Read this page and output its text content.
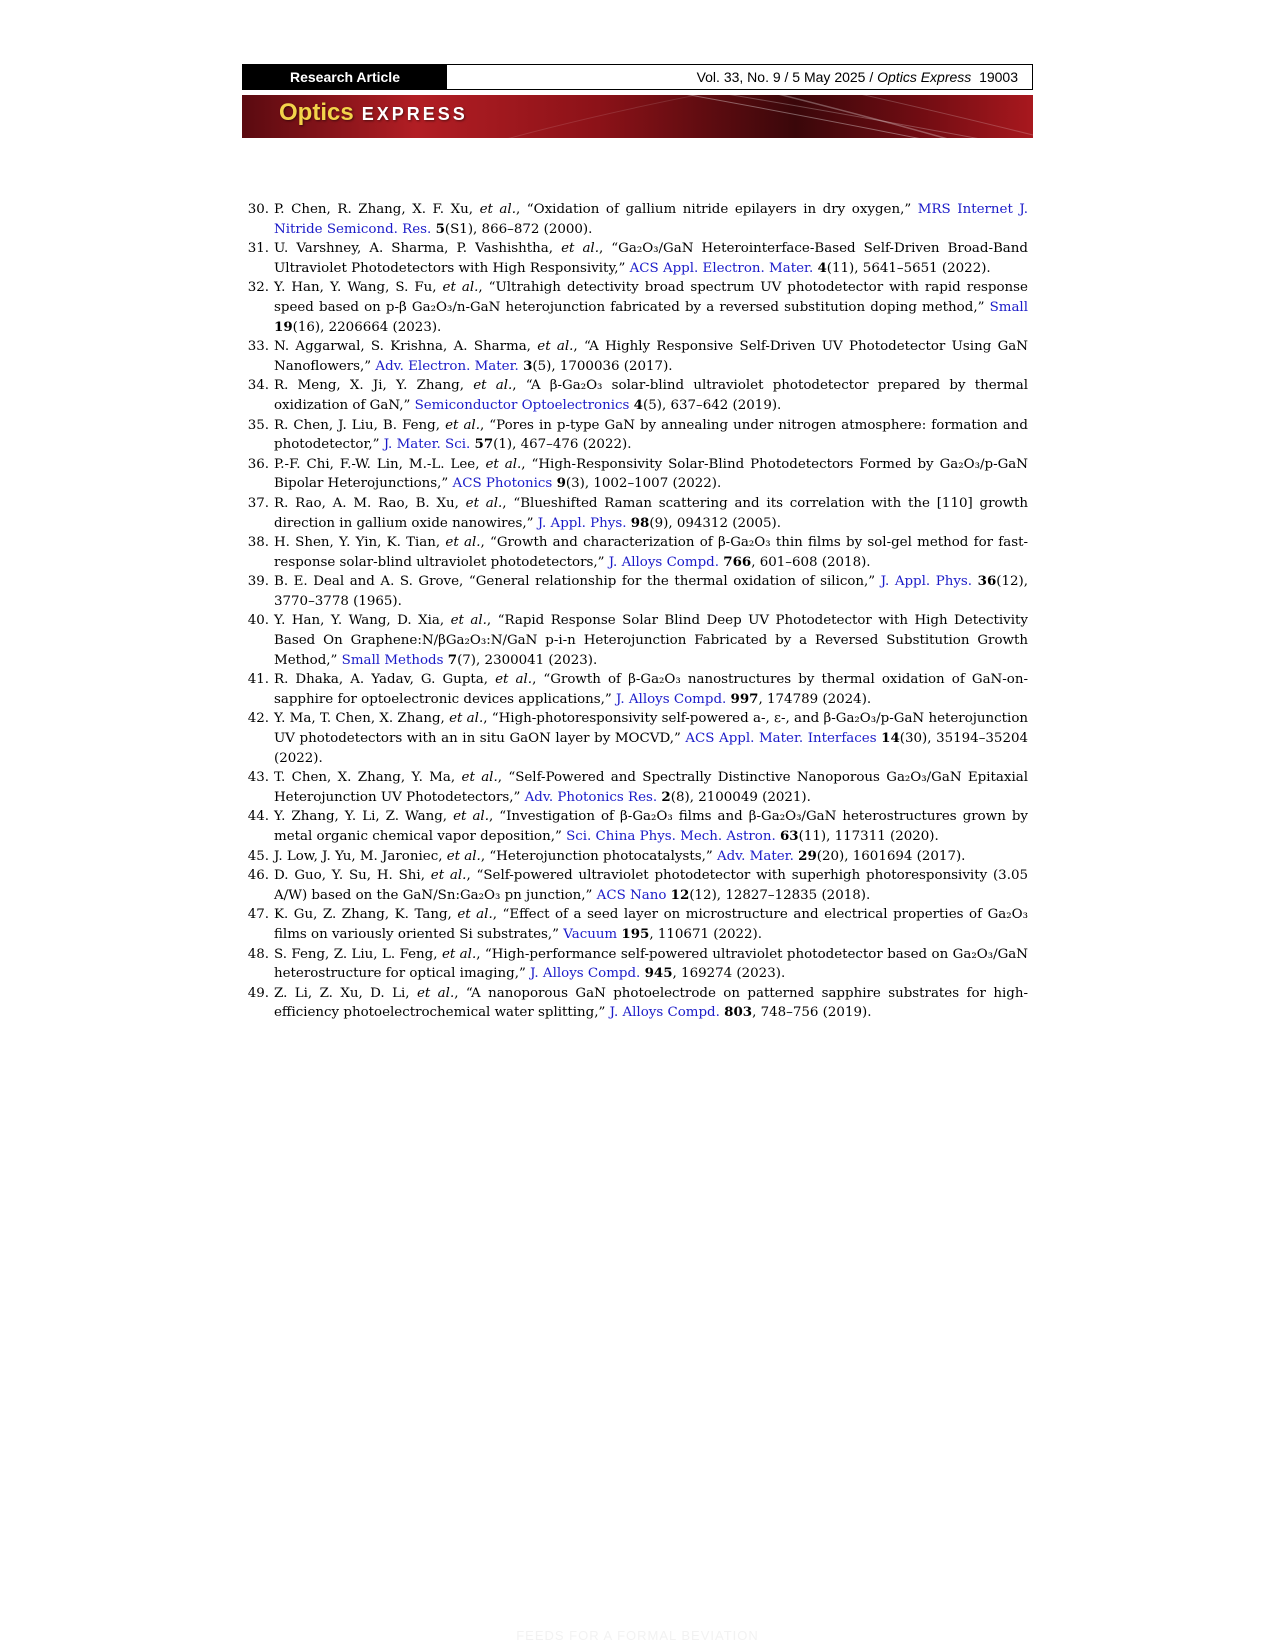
Research Article	Vol. 33, No. 9 / 5 May 2025 / Optics Express
19003
Optics EXPRESS
30. P. Chen, R. Zhang, X. F. Xu, et al., “Oxidation of gallium nitride epilayers in dry oxygen,” MRS Internet J. Nitride Semicond. Res. 5(S1), 866–872 (2000).
31. U. Varshney, A. Sharma, P. Vashishtha, et al., “Ga₂O₃/GaN Heterointerface-Based Self-Driven Broad-Band Ultraviolet Photodetectors with High Responsivity,” ACS Appl. Electron. Mater. 4(11), 5641–5651 (2022).
32. Y. Han, Y. Wang, S. Fu, et al., “Ultrahigh detectivity broad spectrum UV photodetector with rapid response speed based on p-β Ga₂O₃/n-GaN heterojunction fabricated by a reversed substitution doping method,” Small 19(16), 2206664 (2023).
33. N. Aggarwal, S. Krishna, A. Sharma, et al., “A Highly Responsive Self-Driven UV Photodetector Using GaN Nanoflowers,” Adv. Electron. Mater. 3(5), 1700036 (2017).
34. R. Meng, X. Ji, Y. Zhang, et al., “A β-Ga₂O₃ solar-blind ultraviolet photodetector prepared by thermal oxidization of GaN,” Semiconductor Optoelectronics 4(5), 637–642 (2019).
35. R. Chen, J. Liu, B. Feng, et al., “Pores in p-type GaN by annealing under nitrogen atmosphere: formation and photodetector,” J. Mater. Sci. 57(1), 467–476 (2022).
36. P.-F. Chi, F.-W. Lin, M.-L. Lee, et al., “High-Responsivity Solar-Blind Photodetectors Formed by Ga₂O₃/p-GaN Bipolar Heterojunctions,” ACS Photonics 9(3), 1002–1007 (2022).
37. R. Rao, A. M. Rao, B. Xu, et al., “Blueshifted Raman scattering and its correlation with the [110] growth direction in gallium oxide nanowires,” J. Appl. Phys. 98(9), 094312 (2005).
38. H. Shen, Y. Yin, K. Tian, et al., “Growth and characterization of β-Ga₂O₃ thin films by sol-gel method for fast-response solar-blind ultraviolet photodetectors,” J. Alloys Compd. 766, 601–608 (2018).
39. B. E. Deal and A. S. Grove, “General relationship for the thermal oxidation of silicon,” J. Appl. Phys. 36(12), 3770–3778 (1965).
40. Y. Han, Y. Wang, D. Xia, et al., “Rapid Response Solar Blind Deep UV Photodetector with High Detectivity Based On Graphene:N/βGa₂O₃:N/GaN p-i-n Heterojunction Fabricated by a Reversed Substitution Growth Method,” Small Methods 7(7), 2300041 (2023).
41. R. Dhaka, A. Yadav, G. Gupta, et al., “Growth of β-Ga₂O₃ nanostructures by thermal oxidation of GaN-on-sapphire for optoelectronic devices applications,” J. Alloys Compd. 997, 174789 (2024).
42. Y. Ma, T. Chen, X. Zhang, et al., “High-photoresponsivity self-powered a-, ε-, and β-Ga₂O₃/p-GaN heterojunction UV photodetectors with an in situ GaON layer by MOCVD,” ACS Appl. Mater. Interfaces 14(30), 35194–35204 (2022).
43. T. Chen, X. Zhang, Y. Ma, et al., “Self-Powered and Spectrally Distinctive Nanoporous Ga₂O₃/GaN Epitaxial Heterojunction UV Photodetectors,” Adv. Photonics Res. 2(8), 2100049 (2021).
44. Y. Zhang, Y. Li, Z. Wang, et al., “Investigation of β-Ga₂O₃ films and β-Ga₂O₃/GaN heterostructures grown by metal organic chemical vapor deposition,” Sci. China Phys. Mech. Astron. 63(11), 117311 (2020).
45. J. Low, J. Yu, M. Jaroniec, et al., “Heterojunction photocatalysts,” Adv. Mater. 29(20), 1601694 (2017).
46. D. Guo, Y. Su, H. Shi, et al., “Self-powered ultraviolet photodetector with superhigh photoresponsivity (3.05 A/W) based on the GaN/Sn:Ga₂O₃ pn junction,” ACS Nano 12(12), 12827–12835 (2018).
47. K. Gu, Z. Zhang, K. Tang, et al., “Effect of a seed layer on microstructure and electrical properties of Ga₂O₃ films on variously oriented Si substrates,” Vacuum 195, 110671 (2022).
48. S. Feng, Z. Liu, L. Feng, et al., “High-performance self-powered ultraviolet photodetector based on Ga₂O₃/GaN heterostructure for optical imaging,” J. Alloys Compd. 945, 169274 (2023).
49. Z. Li, Z. Xu, D. Li, et al., “A nanoporous GaN photoelectrode on patterned sapphire substrates for high-efficiency photoelectrochemical water splitting,” J. Alloys Compd. 803, 748–756 (2019).
FEEDS FOR A FORMAL BEVIATION
